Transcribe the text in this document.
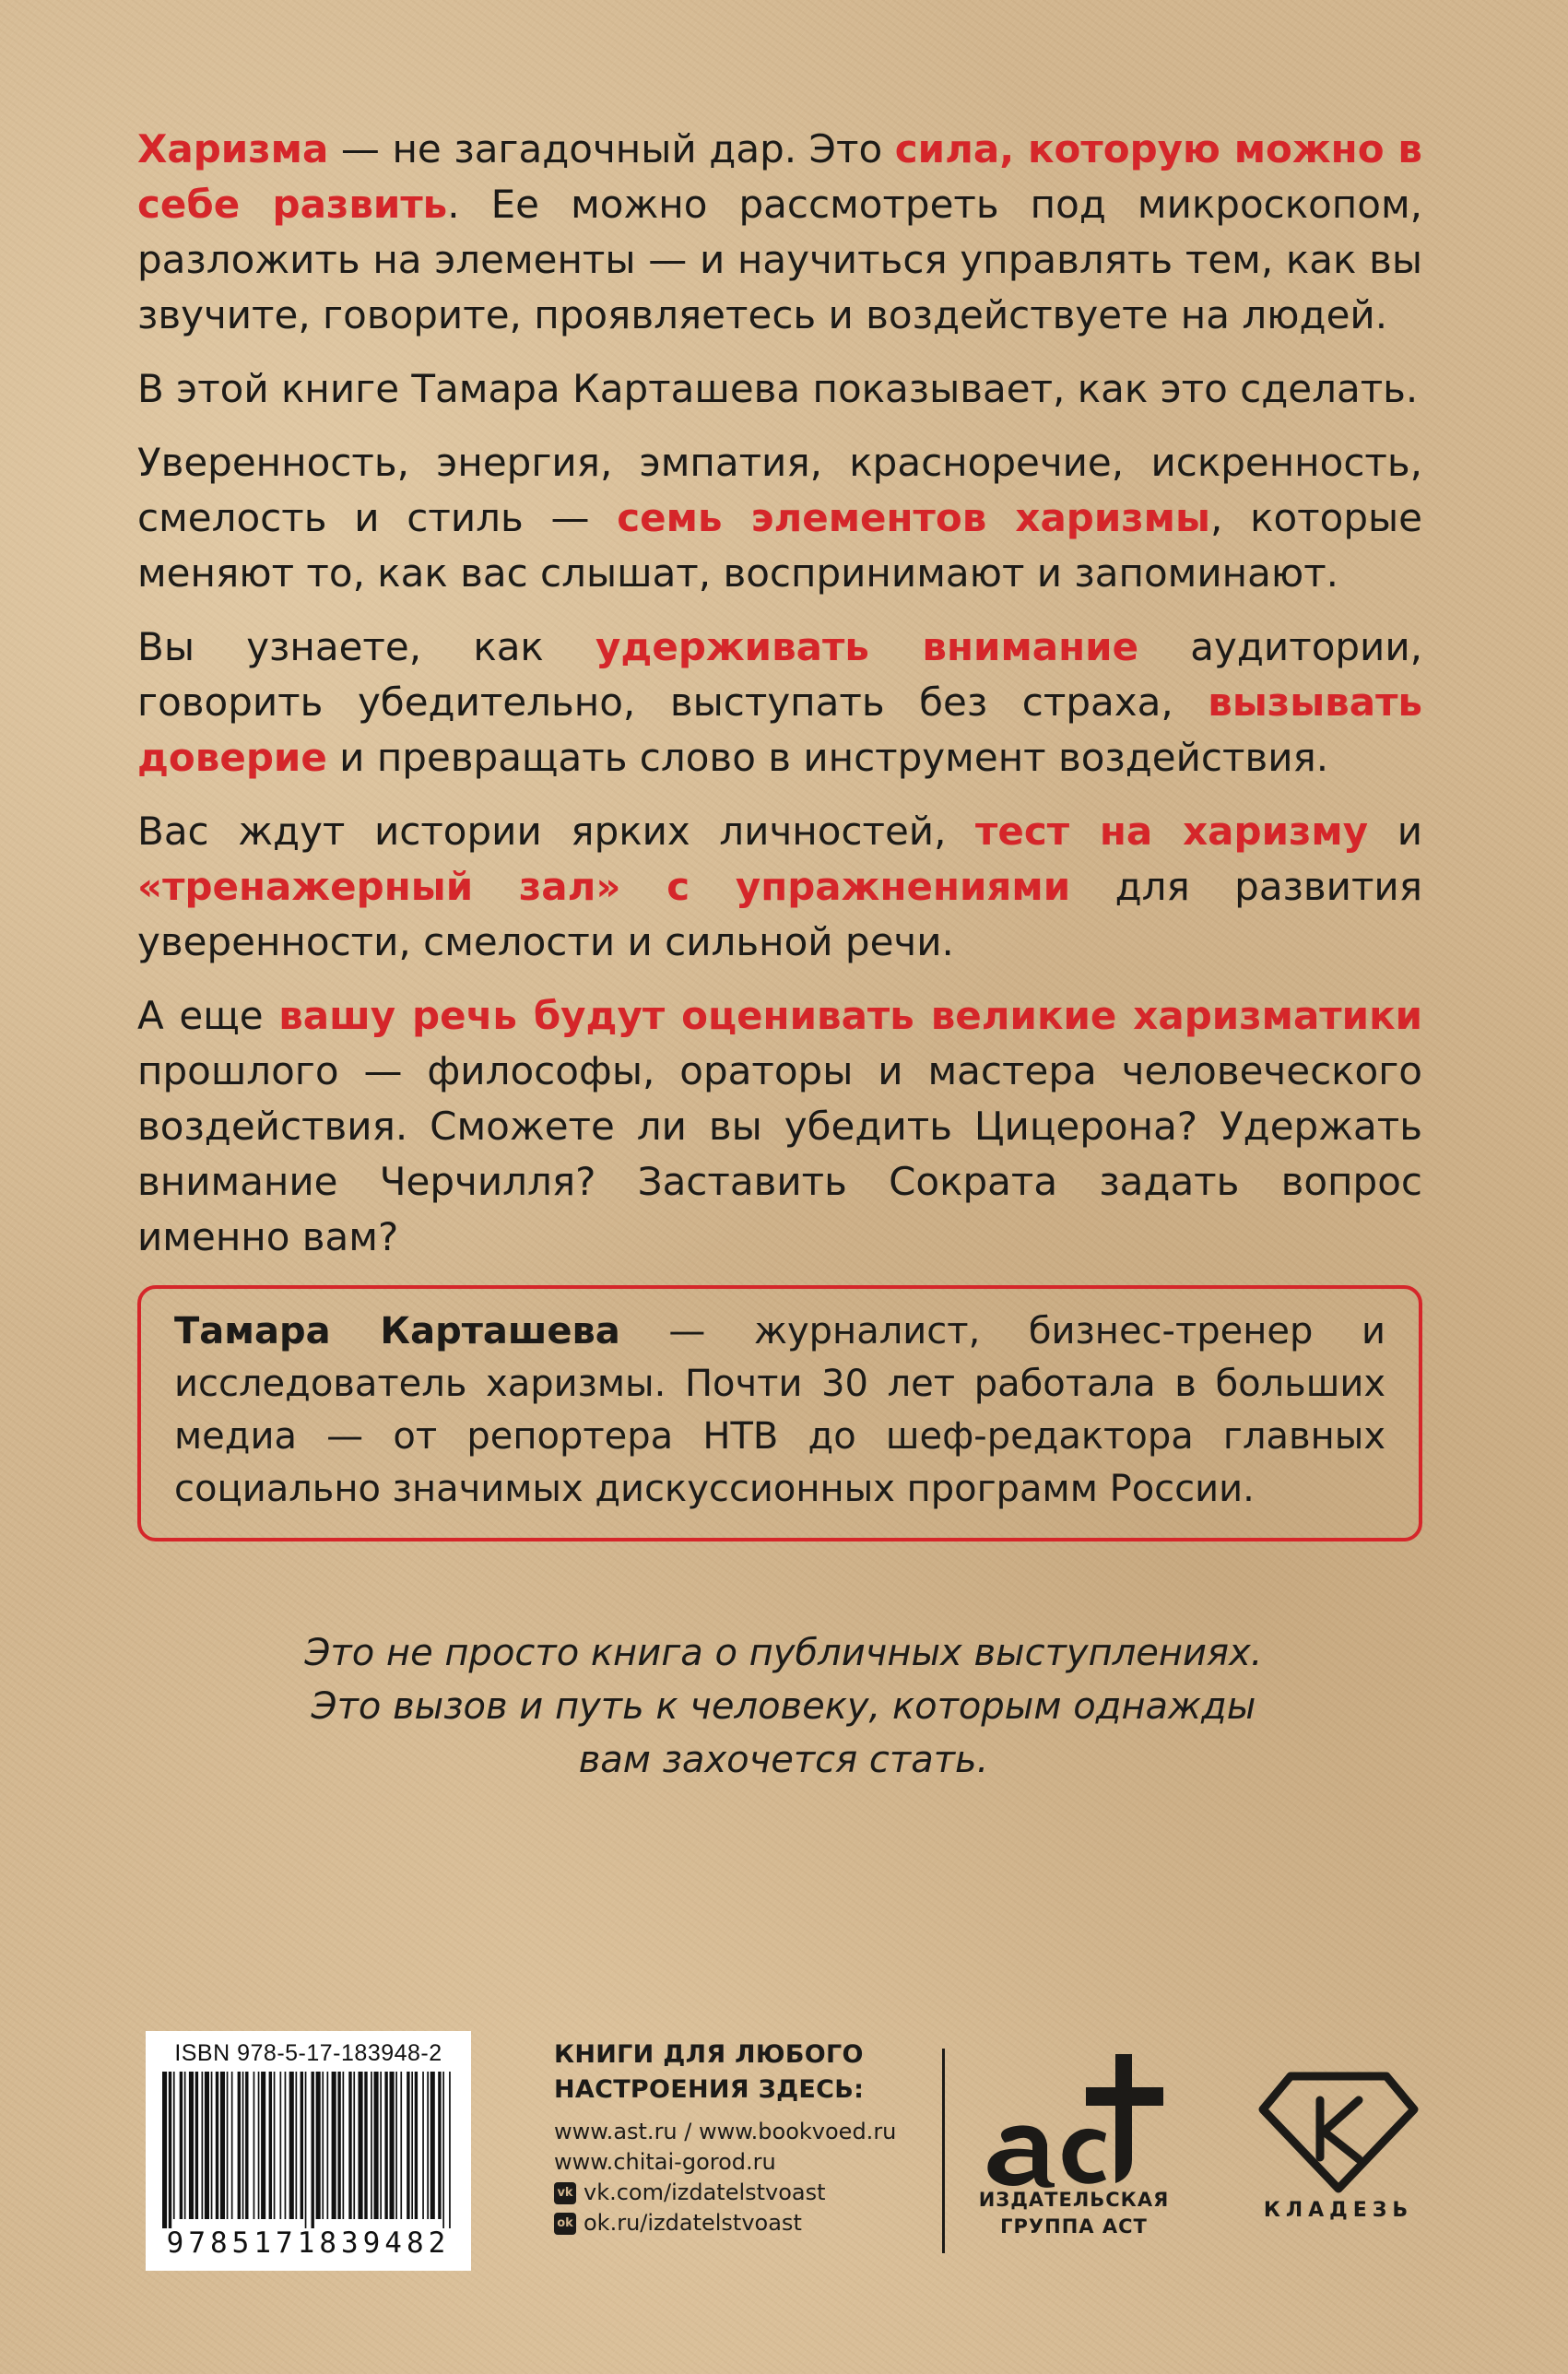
Харизма — не загадочный дар. Это сила, которую можно в себе развить. Ее можно рассмотреть под микроскопом, разложить на элементы — и научиться управлять тем, как вы звучите, говорите, проявляетесь и воздействуете на людей.

В этой книге Тамара Карташева показывает, как это сделать.

Уверенность, энергия, эмпатия, красноречие, искренность, смелость и стиль — семь элементов харизмы, которые меняют то, как вас слышат, воспринимают и запоминают.

Вы узнаете, как удерживать внимание аудитории, говорить убедительно, выступать без страха, вызывать доверие и превращать слово в инструмент воздействия.

Вас ждут истории ярких личностей, тест на харизму и «тренажерный зал» с упражнениями для развития уверенности, смелости и сильной речи.

А еще вашу речь будут оценивать великие харизматики прошлого — философы, ораторы и мастера человеческого воздействия. Сможете ли вы убедить Цицерона? Удержать внимание Черчилля? Заставить Сократа задать вопрос именно вам?

Тамара Карташева — журналист, бизнес-тренер и исследователь харизмы. Почти 30 лет работала в больших медиа — от репортера НТВ до шеф-редактора главных социально значимых дискуссионных программ России.

Это не просто книга о публичных выступлениях.

Это вызов и путь к человеку, которым однажды

вам захочется стать.

ISBN 978-5-17-183948-2
9785171839482
КНИГИ ДЛЯ ЛЮБОГО
НАСТРОЕНИЯ ЗДЕСЬ:
www.ast.ru / www.bookvoed.ru
www.chitai-gorod.ru
vk vk.com/izdatelstvoast
ok ok.ru/izdatelstvoast
ИЗДАТЕЛЬСКАЯ
ГРУППА АСТ
КЛАДЕЗЬ
